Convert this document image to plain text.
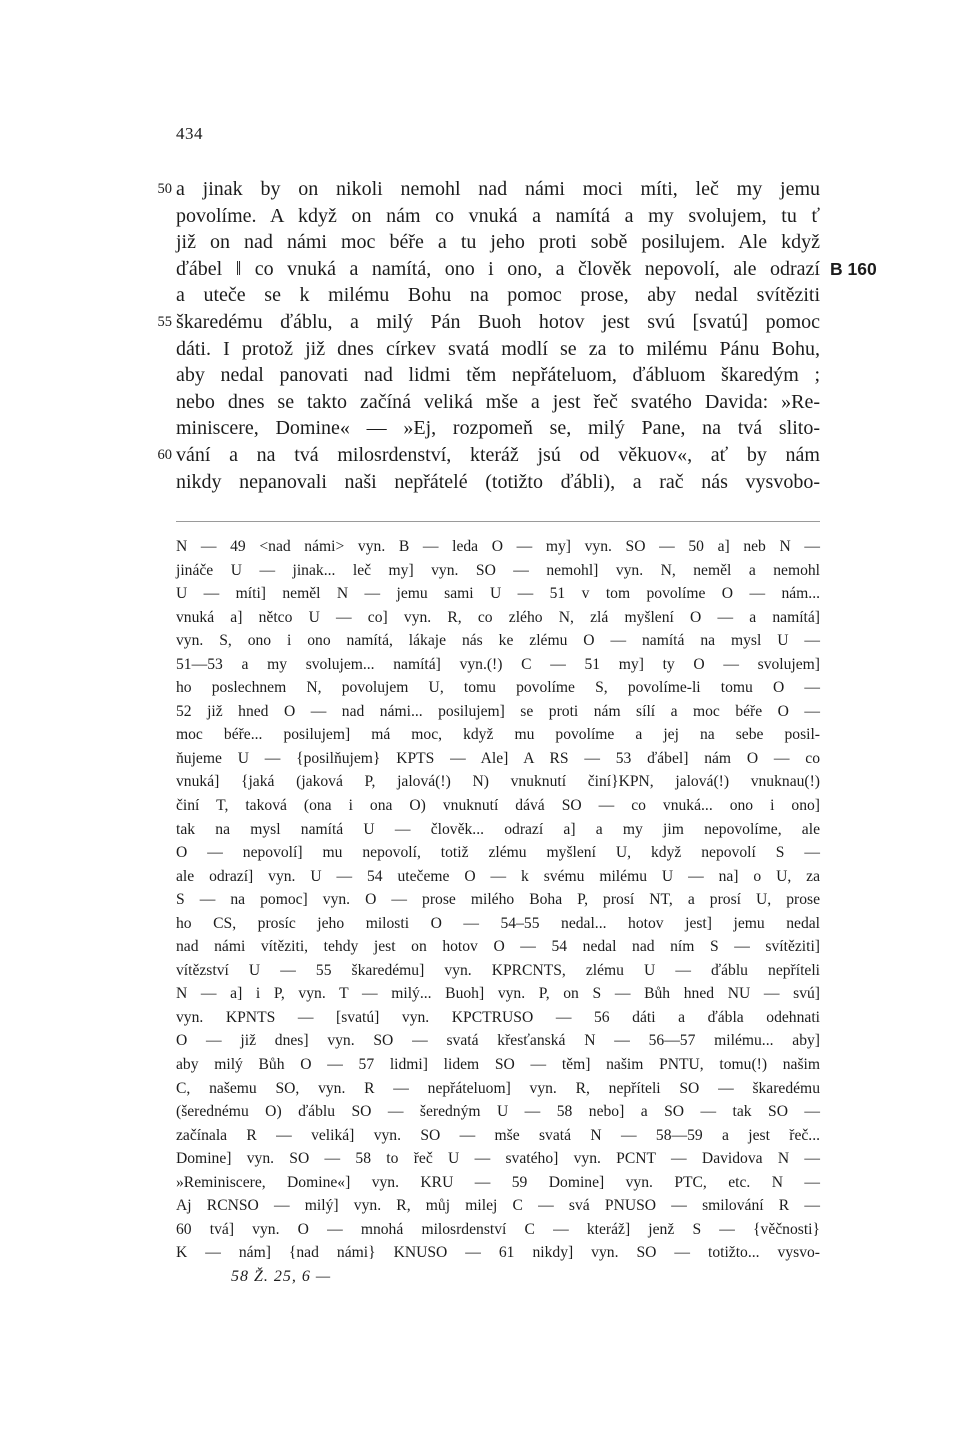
434
50 a jinak by on nikoli nemohl nad námi moci míti, leč my jemu
povolíme. A když on nám co vnuká a namítá a my svolujem, tu ť
již on nad námi moc béře a tu jeho proti sobě posilujem. Ale když
ďábel ‖ co vnuká a namítá, ono i ono, a člověk nepovolí, ale odrazí B 160
a uteče se k milému Bohu na pomoc prose, aby nedal svítěziti
55 škaredému ďáblu, a milý Pán Buoh hotov jest svú [svatú] pomoc
dáti. I protož již dnes církev svatá modlí se za to milému Pánu Bohu,
aby nedal panovati nad lidmi těm nepřáteluom, ďábluom škaredým ;
nebo dnes se takto začíná veliká mše a jest řeč svatého Davida: »Re-
miniscere, Domine« — »Ej, rozpomeň se, milý Pane, na tvá slito-
60 vání a na tvá milosrdenství, kteráž jsú od věkuov«, ať by nám
nikdy nepanovali naši nepřátelé (totižto ďábli), a rač nás vysvobo-
N — 49 <nad námi> vyn. B — leda O — my] vyn. SO — 50 a] neb N —
jináče U — jinak... leč my] vyn. SO — nemohl] vyn. N, neměl a nemohl
U — míti] neměl N — jemu sami U — 51 v tom povolíme O — nám...
vnuká a] nětco U — co] vyn. R, co zlého N, zlá myšlení O — a namítá]
vyn. S, ono i ono namítá, lákaje nás ke zlému O — namítá na mysl U —
51—53 a my svolujem... namítá] vyn.(!) C — 51 my] ty O — svolujem]
ho poslechnem N, povolujem U, tomu povolíme S, povolíme-li tomu O —
52 již hned O — nad námi... posilujem] se proti nám sílí a moc béře O —
moc béře... posilujem] má moc, když mu povolíme a jej na sebe posil-
ňujeme U — {posilňujem} KPTS — Ale] A RS — 53 ďábel] nám O — co
vnuká] {jaká (jaková P, jalová(!) N) vnuknutí činí}KPN, jalová(!) vnuknau(!)
činí T, taková (ona i ona O) vnuknutí dává SO — co vnuká... ono i ono]
tak na mysl namítá U — člověk... odrazí a] a my jim nepovolíme, ale
O — nepovolí] mu nepovolí, totiž zlému myšlení U, když nepovolí S —
ale odrazí] vyn. U — 54 utečeme O — k svému milému U — na] o U, za
S — na pomoc] vyn. O — prose milého Boha P, prosí NT, a prosí U, prose
ho CS, prosíc jeho milosti O — 54–55 nedal... hotov jest] jemu nedal
nad námi vítěziti, tehdy jest on hotov O — 54 nedal nad ním S — svítěziti]
vítězství U — 55 škaredému] vyn. KPRCNTS, zlému U — ďáblu nepříteli
N — a] i P, vyn. T — milý... Buoh] vyn. P, on S — Bůh hned NU — svú]
vyn. KPNTS — [svatú] vyn. KPCTRUSO — 56 dáti a ďábla odehnati
O — již dnes] vyn. SO — svatá křesťanská N — 56—57 milému... aby]
aby milý Bůh O — 57 lidmi] lidem SO — těm] našim PNTU, tomu(!) našim
C, našemu SO, vyn. R — nepřáteluom] vyn. R, nepříteli SO — škaredému
(šerednému O) ďáblu SO — šeredným U — 58 nebo] a SO — tak SO —
začínala R — veliká] vyn. SO — mše svatá N — 58—59 a jest řeč...
Domine] vyn. SO — 58 to řeč U — svatého] vyn. PCNT — Davidova N —
»Reminiscere, Domine«] vyn. KRU — 59 Domine] vyn. PTC, etc. N —
Aj RCNSO — milý] vyn. R, můj milej C — svá PNUSO — smilování R —
60 tvá] vyn. O — mnohá milosrdenství C — kteráž] jenž S — {věčnosti}
K — nám] {nad námi} KNUSO — 61 nikdy] vyn. SO — totižto... vysvo-
58 Ž. 25, 6 —
